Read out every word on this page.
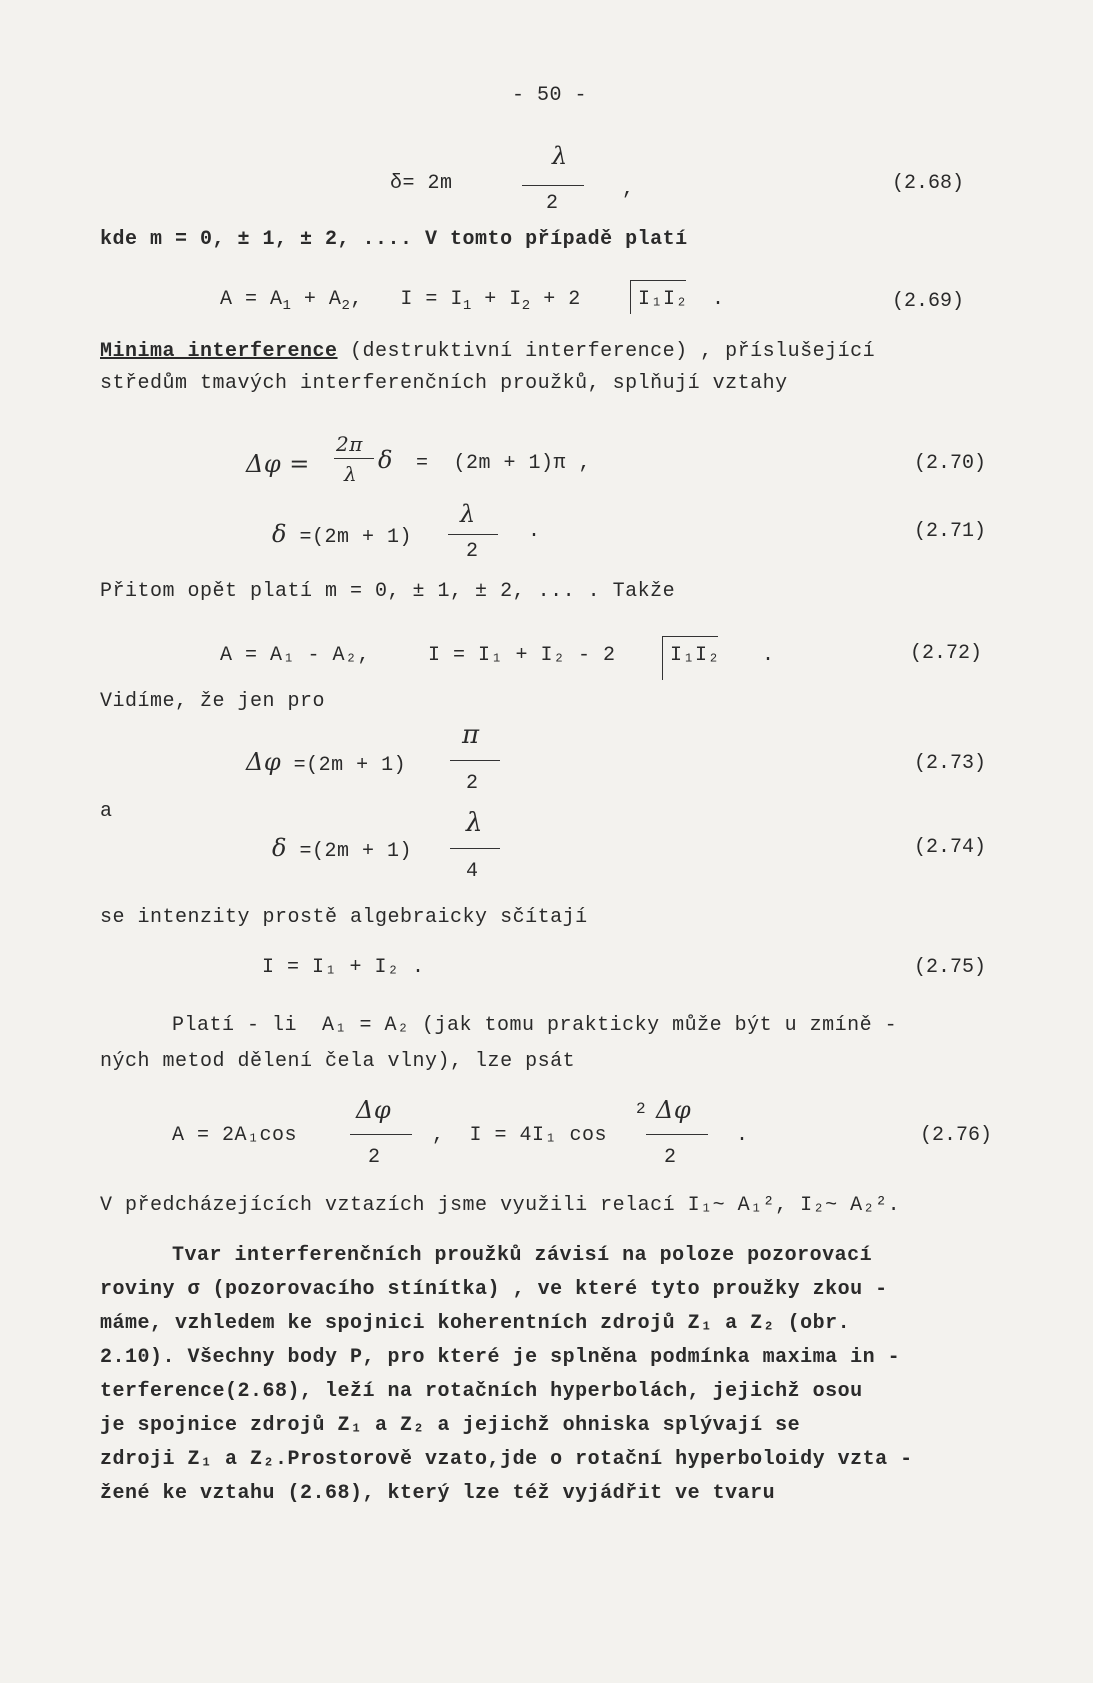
- 50 -
δ= 2m
λ
2
,	(2.68)
kde m = 0, ± 1, ± 2, .... V tomto případě platí
$A = A_1 + A_2$,   $I = I_1 + I_2 + 2$	I₁I₂ .	(2.69)
Minima interference (destruktivní interference) , příslušející
středům tmavých interferenčních proužků, splňují vztahy
Δφ =
2π
λ δ =  (2m + 1)π ,	(2.70)
δ =(2m + 1)
λ
2
.	(2.71)
Přitom opět platí m = 0, ± 1, ± 2, ... . Takže
A = A₁ - A₂,	I = I₁ + I₂ - 2	I₁I₂ .	(2.72)
Vidíme, že jen pro
Δφ =(2m + 1)
π
2
(2.73)
a
δ =(2m + 1)
λ
4
(2.74)
se intenzity prostě algebraicky sčítají
I = I₁ + I₂ .	(2.75)
Platí - li  A₁ = A₂ (jak tomu prakticky může být u zmíně -
ných metod dělení čela vlny), lze psát
A = 2A₁cos
Δφ
2
,  I = 4I₁ cos
2 Δφ
2
.	(2.76)
V předcházejících vztazích jsme využili relací I₁~ A₁², I₂~ A₂².
Tvar interferenčních proužků závisí na poloze pozorovací
roviny σ (pozorovacího stínítka) , ve které tyto proužky zkou -
máme, vzhledem ke spojnici koherentních zdrojů Z₁ a Z₂ (obr.
2.10). Všechny body P, pro které je splněna podmínka maxima in -
terference(2.68), leží na rotačních hyperbolách, jejichž osou
je spojnice zdrojů Z₁ a Z₂ a jejichž ohniska splývají se
zdroji Z₁ a Z₂.Prostorově vzato,jde o rotační hyperboloidy vzta -
žené ke vztahu (2.68), který lze též vyjádřit ve tvaru
